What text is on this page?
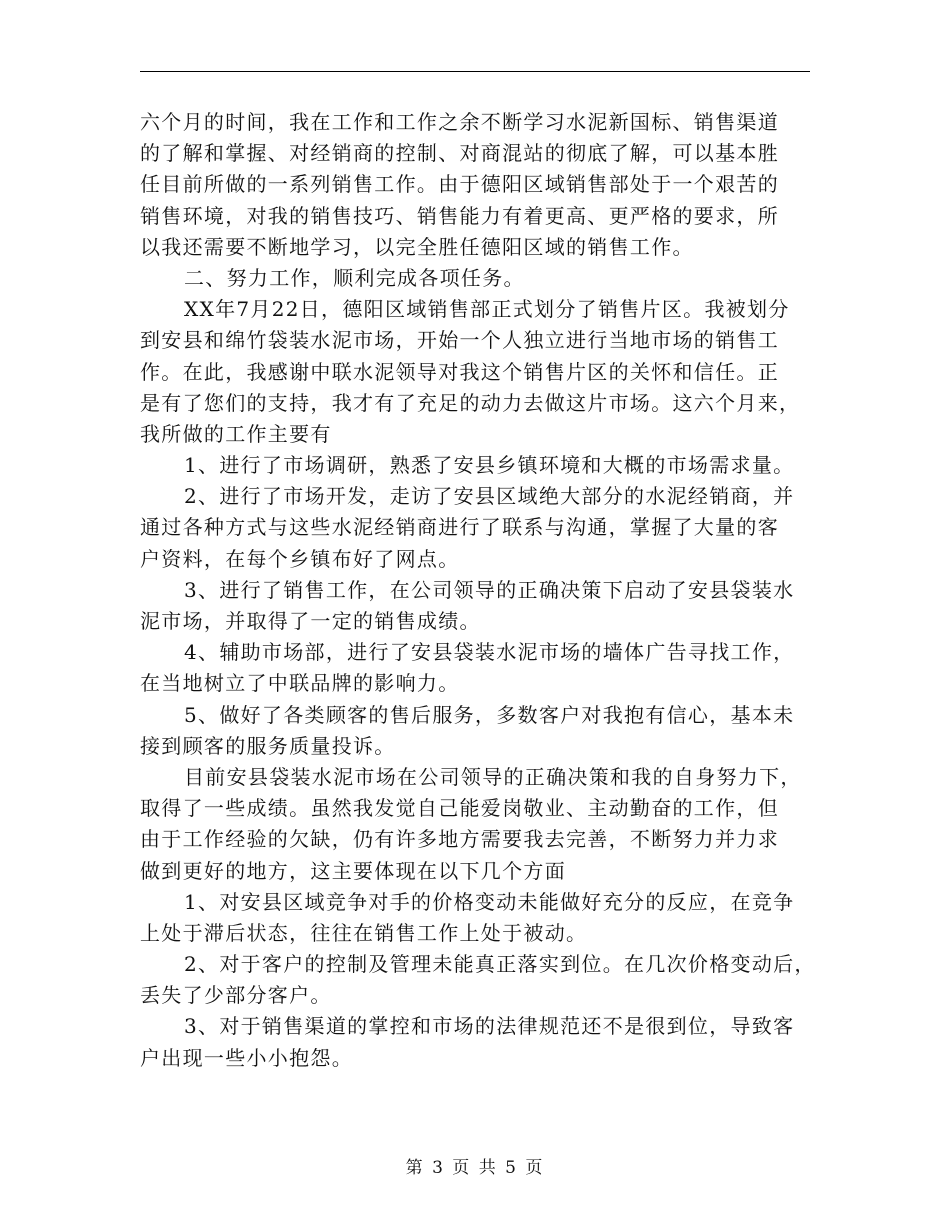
六个月的时间，我在工作和工作之余不断学习水泥新国标、销售渠道
的了解和掌握、对经销商的控制、对商混站的彻底了解，可以基本胜
任目前所做的一系列销售工作。由于德阳区域销售部处于一个艰苦的
销售环境，对我的销售技巧、销售能力有着更高、更严格的要求，所
以我还需要不断地学习，以完全胜任德阳区域的销售工作。
二、努力工作，顺利完成各项任务。
XX年7月22日，德阳区域销售部正式划分了销售片区。我被划分
到安县和绵竹袋装水泥市场，开始一个人独立进行当地市场的销售工
作。在此，我感谢中联水泥领导对我这个销售片区的关怀和信任。正
是有了您们的支持，我才有了充足的动力去做这片市场。这六个月来，
我所做的工作主要有
1、进行了市场调研，熟悉了安县乡镇环境和大概的市场需求量。
2、进行了市场开发，走访了安县区域绝大部分的水泥经销商，并
通过各种方式与这些水泥经销商进行了联系与沟通，掌握了大量的客
户资料，在每个乡镇布好了网点。
3、进行了销售工作，在公司领导的正确决策下启动了安县袋装水
泥市场，并取得了一定的销售成绩。
4、辅助市场部，进行了安县袋装水泥市场的墙体广告寻找工作，
在当地树立了中联品牌的影响力。
5、做好了各类顾客的售后服务，多数客户对我抱有信心，基本未
接到顾客的服务质量投诉。
目前安县袋装水泥市场在公司领导的正确决策和我的自身努力下，
取得了一些成绩。虽然我发觉自己能爱岗敬业、主动勤奋的工作，但
由于工作经验的欠缺，仍有许多地方需要我去完善，不断努力并力求
做到更好的地方，这主要体现在以下几个方面
1、对安县区域竞争对手的价格变动未能做好充分的反应，在竞争
上处于滞后状态，往往在销售工作上处于被动。
2、对于客户的控制及管理未能真正落实到位。在几次价格变动后，
丢失了少部分客户。
3、对于销售渠道的掌控和市场的法律规范还不是很到位，导致客
户出现一些小小抱怨。
第 3 页 共 5 页
